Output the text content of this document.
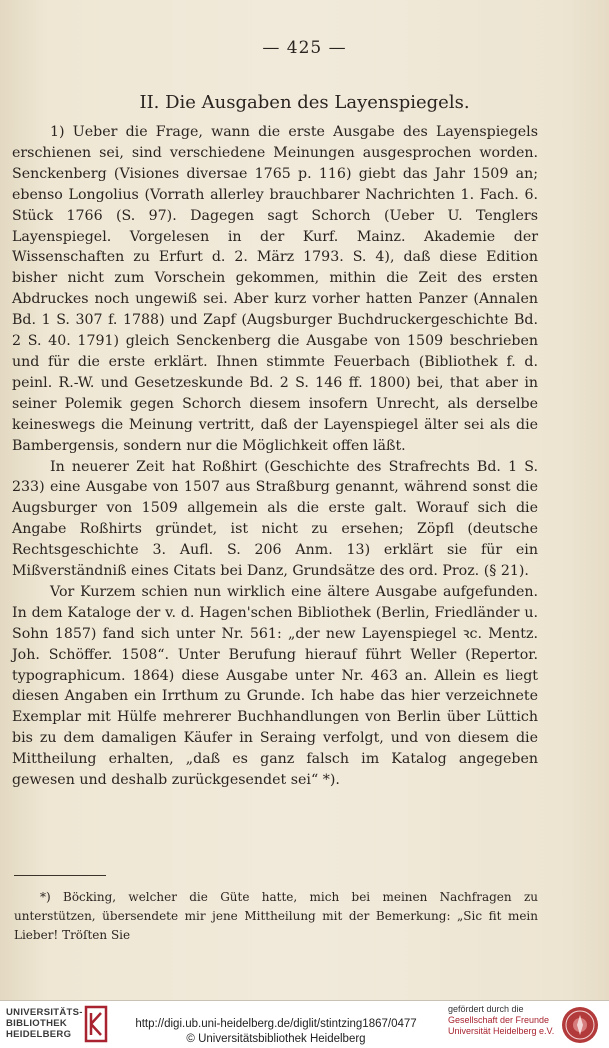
— 425 —
II. Die Ausgaben des Layenspiegels.

1) Ueber die Frage, wann die erste Ausgabe des Layenspiegels erschienen sei, sind verschiedene Meinungen ausgesprochen worden. Senckenberg (Visiones diversae 1765 p. 116) giebt das Jahr 1509 an; ebenso Longolius (Vorrath allerley brauchbarer Nachrichten 1. Fach. 6. Stück 1766 (S. 97). Dagegen sagt Schorch (Ueber U. Tenglers Layenspiegel. Vorgelesen in der Kurf. Mainz. Akademie der Wissenschaften zu Erfurt d. 2. März 1793. S. 4), daß diese Edition bisher nicht zum Vorschein gekommen, mithin die Zeit des ersten Abdruckes noch ungewiß sei. Aber kurz vorher hatten Panzer (Annalen Bd. 1 S. 307 f. 1788) und Zapf (Augsburger Buchdruckergeschichte Bd. 2 S. 40. 1791) gleich Senckenberg die Ausgabe von 1509 beschrieben und für die erste erklärt. Ihnen stimmte Feuerbach (Bibliothek f. d. peinl. R.-W. und Gesetzeskunde Bd. 2 S. 146 ff. 1800) bei, that aber in seiner Polemik gegen Schorch diesem insofern Unrecht, als derselbe keineswegs die Meinung vertritt, daß der Layenspiegel älter sei als die Bambergensis, sondern nur die Möglichkeit offen läßt.

In neuerer Zeit hat Roßhirt (Geschichte des Strafrechts Bd. 1 S. 233) eine Ausgabe von 1507 aus Straßburg genannt, während sonst die Augsburger von 1509 allgemein als die erste galt. Worauf sich die Angabe Roßhirts gründet, ist nicht zu ersehen; Zöpfl (deutsche Rechtsgeschichte 3. Aufl. S. 206 Anm. 13) erklärt sie für ein Mißverständniß eines Citats bei Danz, Grundsätze des ord. Proz. (§ 21).

Vor Kurzem schien nun wirklich eine ältere Ausgabe aufgefunden. In dem Kataloge der v. d. Hagen'schen Bibliothek (Berlin, Friedländer u. Sohn 1857) fand sich unter Nr. 561: „der new Layenspiegel ꝛc. Mentz. Joh. Schöffer. 1508“. Unter Berufung hierauf führt Weller (Repertor. typographicum. 1864) diese Ausgabe unter Nr. 463 an. Allein es liegt diesen Angaben ein Irrthum zu Grunde. Ich habe das hier verzeichnete Exemplar mit Hülfe mehrerer Buchhandlungen von Berlin über Lüttich bis zu dem damaligen Käufer in Seraing verfolgt, und von diesem die Mittheilung erhalten, „daß es ganz falsch im Katalog angegeben gewesen und deshalb zurückgesendet sei“ *).

*) Böcking, welcher die Güte hatte, mich bei meinen Nachfragen zu unterstützen, übersendete mir jene Mittheilung mit der Bemerkung: „Sic fit mein Lieber! Tröſten Sie
UNIVERSITÄTS-
BIBLIOTHEK
HEIDELBERG
http://digi.ub.uni-heidelberg.de/diglit/stintzing1867/0477
© Universitätsbibliothek Heidelberg
gefördert durch die
Gesellschaft der Freunde
Universität Heidelberg e.V.
